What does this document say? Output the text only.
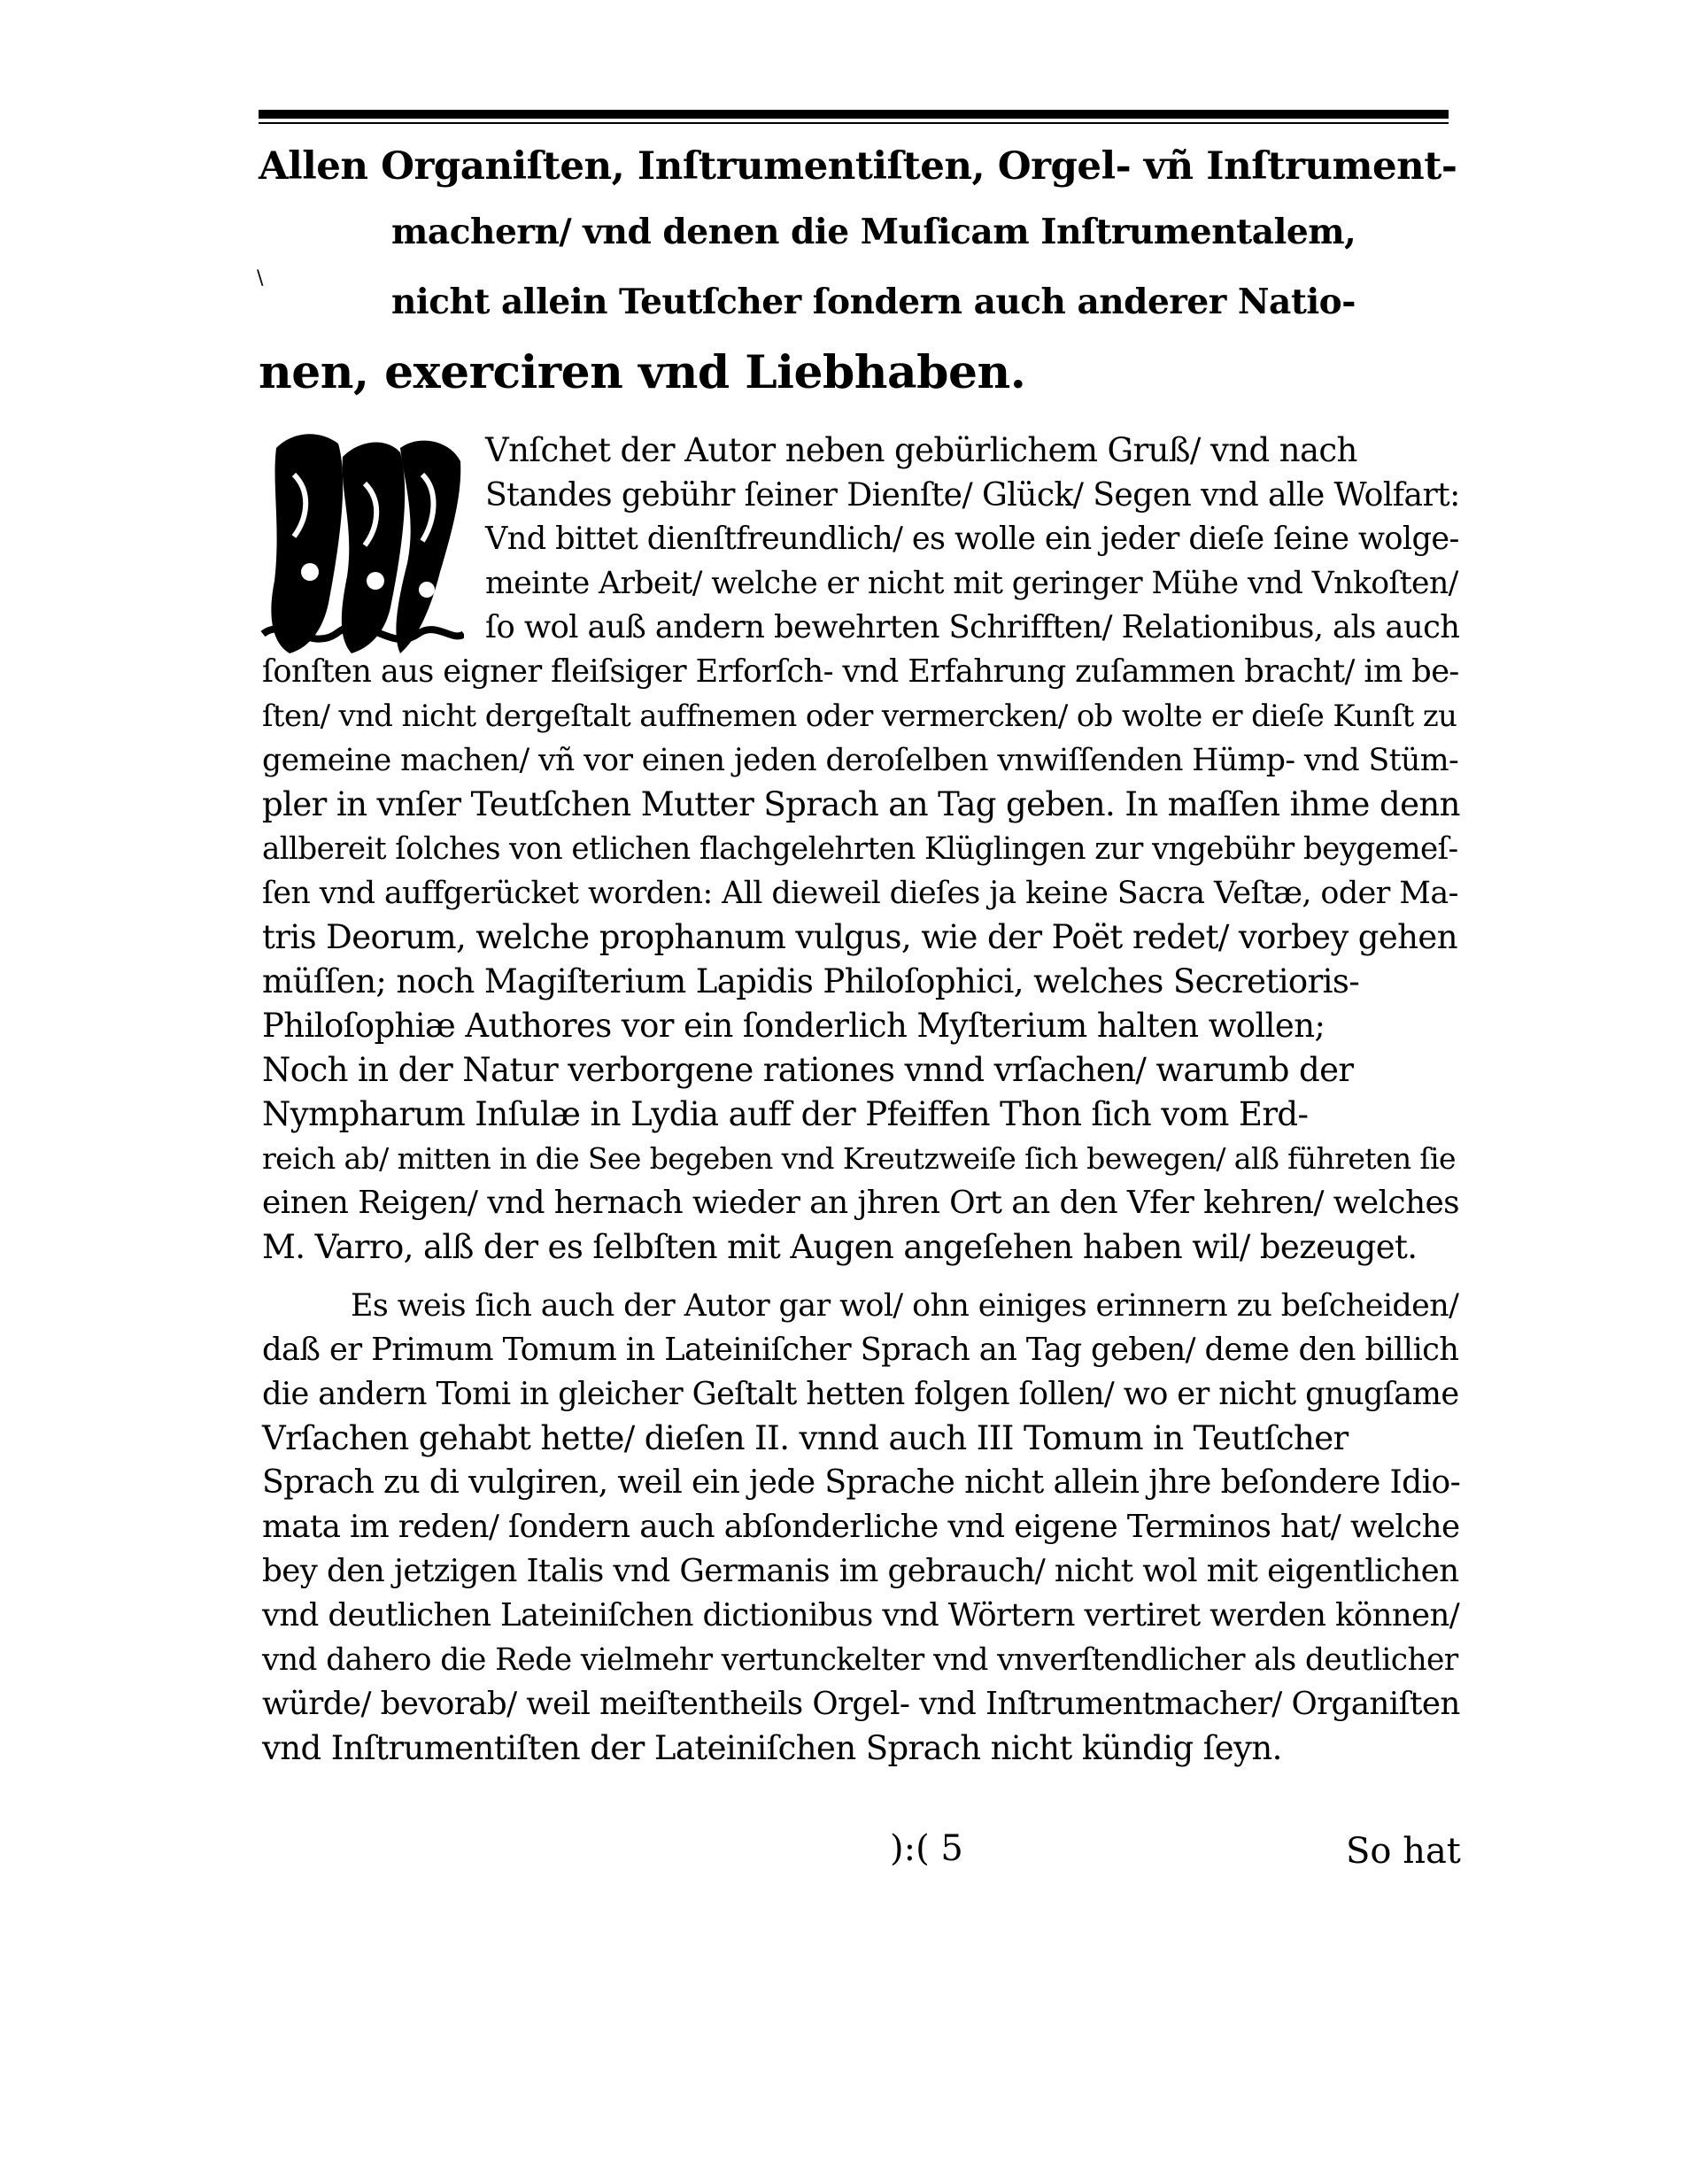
Allen Organiſten, Inſtrumentiſten, Orgel- vñ Inſtrument-
machern/ vnd denen die Muſicam Inſtrumentalem,
nicht allein Teutſcher ſondern auch anderer Natio-
nen, exerciren vnd Liebhaben.
\
Vnſchet der Autor neben gebürlichem Gruß/ vnd nach
Standes gebühr ſeiner Dienſte/ Glück/ Segen vnd alle Wolfart:
Vnd bittet dienſtfreundlich/ es wolle ein jeder dieſe ſeine wolge-
meinte Arbeit/ welche er nicht mit geringer Mühe vnd Vnkoſten/
ſo wol auß andern bewehrten Schrifften/ Relationibus, als auch
ſonſten aus eigner fleiſsiger Erforſch- vnd Erfahrung zuſammen bracht/ im be-
ſten/ vnd nicht dergeſtalt auffnemen oder vermercken/ ob wolte er dieſe Kunſt zu
gemeine machen/ vñ vor einen jeden deroſelben vnwiſſenden Hümp- vnd Stüm-
pler in vnſer Teutſchen Mutter Sprach an Tag geben. In maſſen ihme denn
allbereit ſolches von etlichen flachgelehrten Klüglingen zur vngebühr beygemeſ-
ſen vnd auffgerücket worden: All dieweil dieſes ja keine Sacra Veſtæ, oder Ma-
tris Deorum, welche prophanum vulgus, wie der Poët redet/ vorbey gehen
müſſen; noch Magiſterium Lapidis Philoſophici, welches Secretioris-
Philoſophiæ Authores vor ein ſonderlich Myſterium halten wollen;
Noch in der Natur verborgene rationes vnnd vrſachen/ warumb der
Nympharum Inſulæ in Lydia auff der Pfeiffen Thon ſich vom Erd-
reich ab/ mitten in die See begeben vnd Kreutzweiſe ſich bewegen/ alß führeten ſie
einen Reigen/ vnd hernach wieder an jhren Ort an den Vfer kehren/ welches
M. Varro, alß der es ſelbſten mit Augen angeſehen haben wil/ bezeuget.
Es weis ſich auch der Autor gar wol/ ohn einiges erinnern zu beſcheiden/
daß er Primum Tomum in Lateiniſcher Sprach an Tag geben/ deme den billich
die andern Tomi in gleicher Geſtalt hetten folgen ſollen/ wo er nicht gnugſame
Vrſachen gehabt hette/ dieſen II. vnnd auch III Tomum in Teutſcher
Sprach zu di vulgiren, weil ein jede Sprache nicht allein jhre beſondere Idio-
mata im reden/ ſondern auch abſonderliche vnd eigene Terminos hat/ welche
bey den jetzigen Italis vnd Germanis im gebrauch/ nicht wol mit eigentlichen
vnd deutlichen Lateiniſchen dictionibus vnd Wörtern vertiret werden können/
vnd dahero die Rede vielmehr vertunckelter vnd vnverſtendlicher als deutlicher
würde/ bevorab/ weil meiſtentheils Orgel- vnd Inſtrumentmacher/ Organiſten
vnd Inſtrumentiſten der Lateiniſchen Sprach nicht kündig ſeyn.
):( 5	So hat
